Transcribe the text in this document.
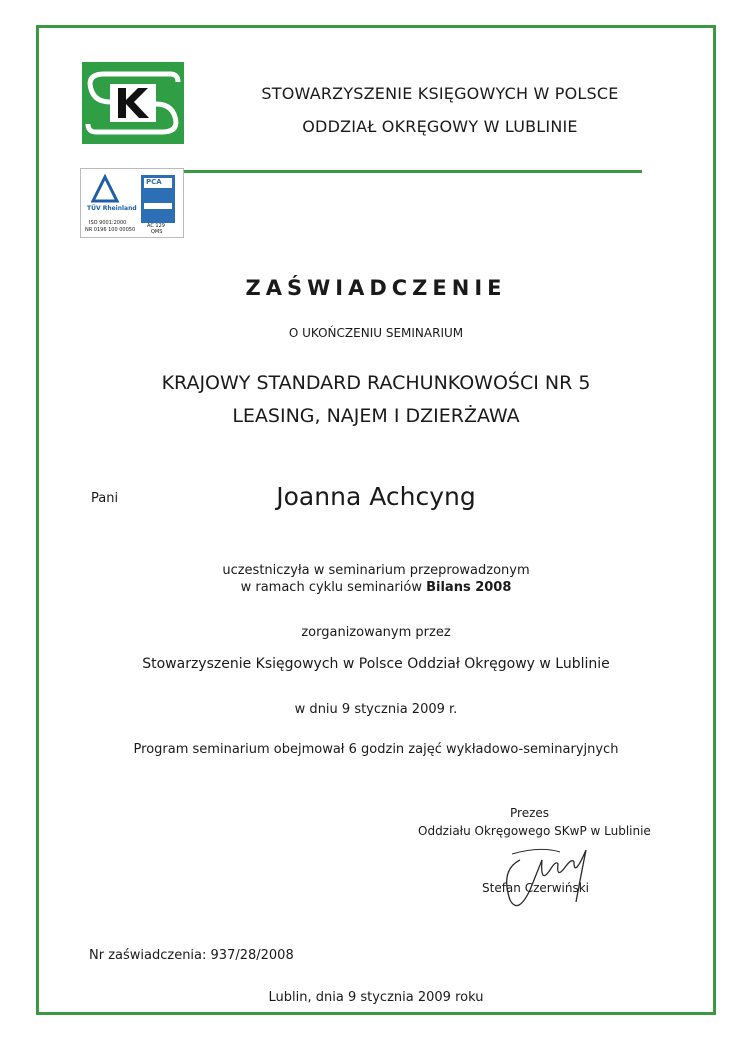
STOWARZYSZENIE KSIĘGOWYCH W POLSCE
ODDZIAŁ OKRĘGOWY W LUBLINIE
TÜV Rheinland
ISO 9001:2000
NR 0196 100 00050
PCA
AC 129
QMS
ZAŚWIADCZENIE
O UKOŃCZENIU SEMINARIUM
KRAJOWY STANDARD RACHUNKOWOŚCI NR 5
LEASING, NAJEM I DZIERŻAWA
Pani	Joanna Achcyng
uczestniczyła w seminarium przeprowadzonym
w ramach cyklu seminariów Bilans 2008
zorganizowanym przez
Stowarzyszenie Księgowych w Polsce Oddział Okręgowy w Lublinie
w dniu 9 stycznia 2009 r.
Program seminarium obejmował 6 godzin zajęć wykładowo-seminaryjnych
Prezes
Oddziału Okręgowego SKwP w Lublinie
Stefan Czerwiński
Nr zaświadczenia: 937/28/2008
Lublin, dnia 9 stycznia 2009 roku
